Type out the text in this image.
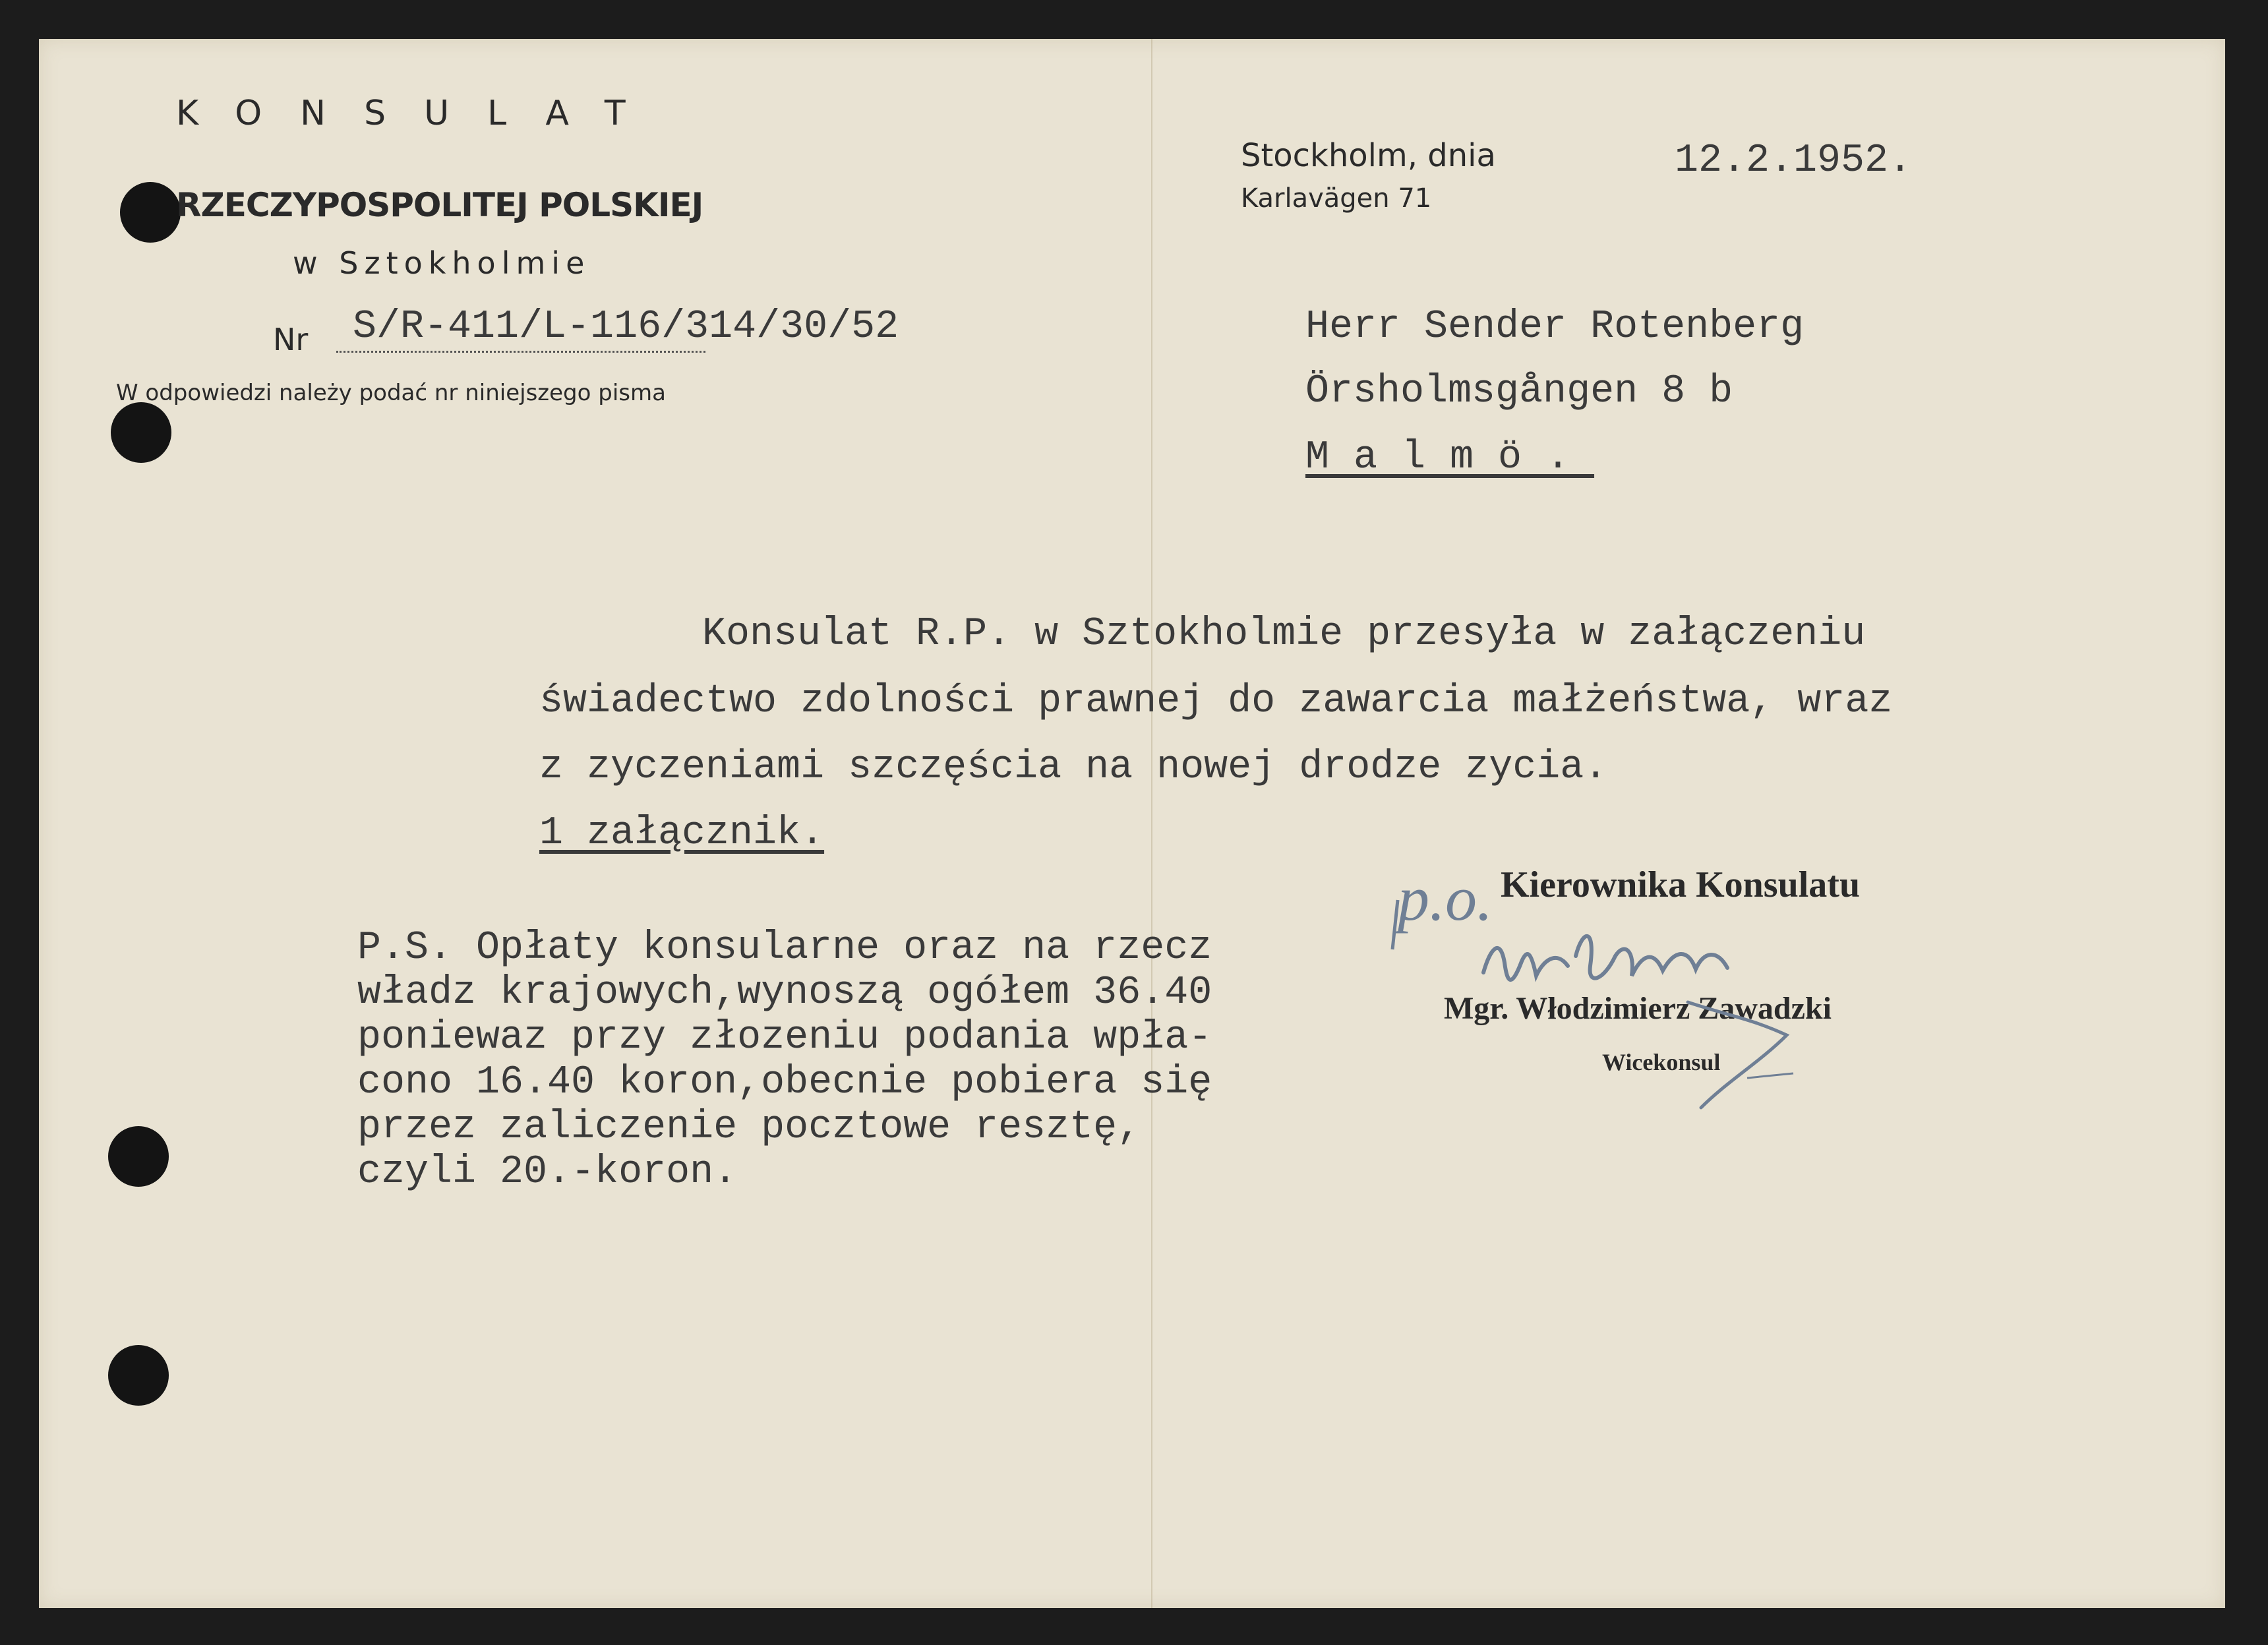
KONSULAT
RZECZYPOSPOLITEJ POLSKIEJ
w Sztokholmie
Nr S/R-411/L-116/314/30/52
W odpowiedzi należy podać nr niniejszego pisma
Stockholm, dnia
Karlavägen 71
12.2.1952.
Herr Sender Rotenberg
Örsholmsgången 8 b
Malmö.
Konsulat R.P. w Sztokholmie przesyła w załączeniu
świadectwo zdolności prawnej do zawarcia małżeństwa, wraz
z zyczeniami szczęścia na nowej drodze zycia.
1 załącznik.
P.S. Opłaty konsularne oraz na rzecz
władz krajowych,wynoszą ogółem 36.40
poniewaz przy złozeniu podania wpła-
cono 16.40 koron,obecnie pobiera się
przez zaliczenie pocztowe resztę,
czyli 20.-koron.
Kierownika Konsulatu
Mgr. Włodzimierz Zawadzki
Wicekonsul
p.o.
